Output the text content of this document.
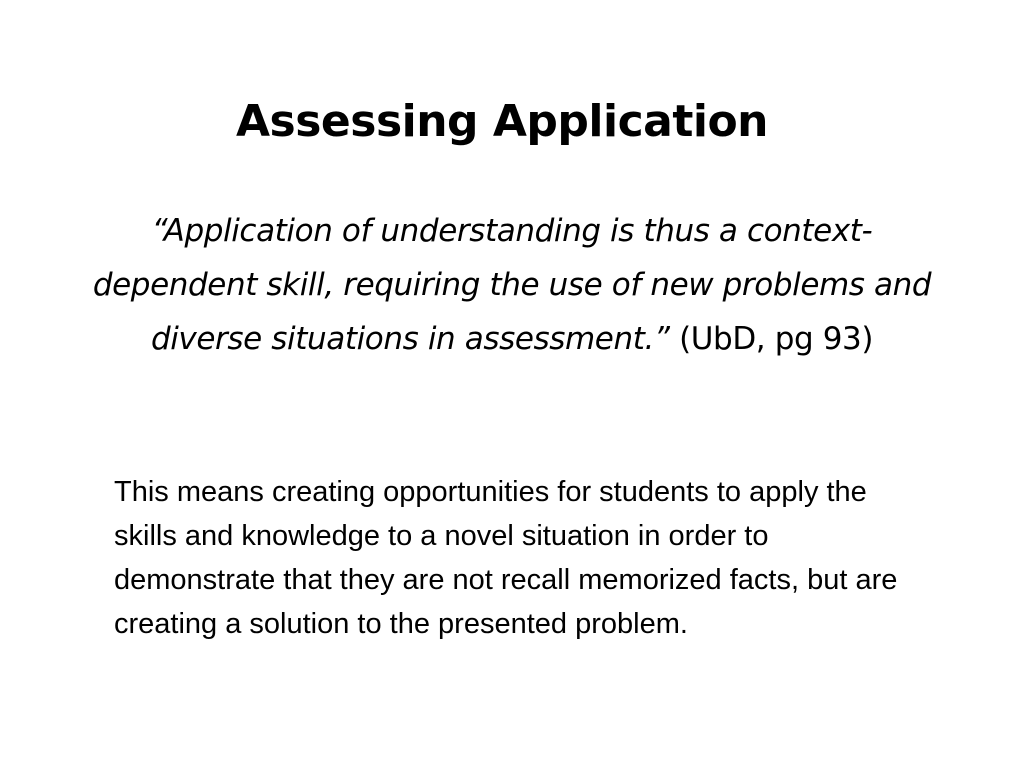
Assessing Application
“Application of understanding is thus a context-dependent skill, requiring the use of new problems and diverse situations in assessment.” (UbD, pg 93)
This means creating opportunities for students to apply the skills and knowledge to a novel situation in order to demonstrate that they are not recall memorized facts, but are creating a solution to the presented problem.
